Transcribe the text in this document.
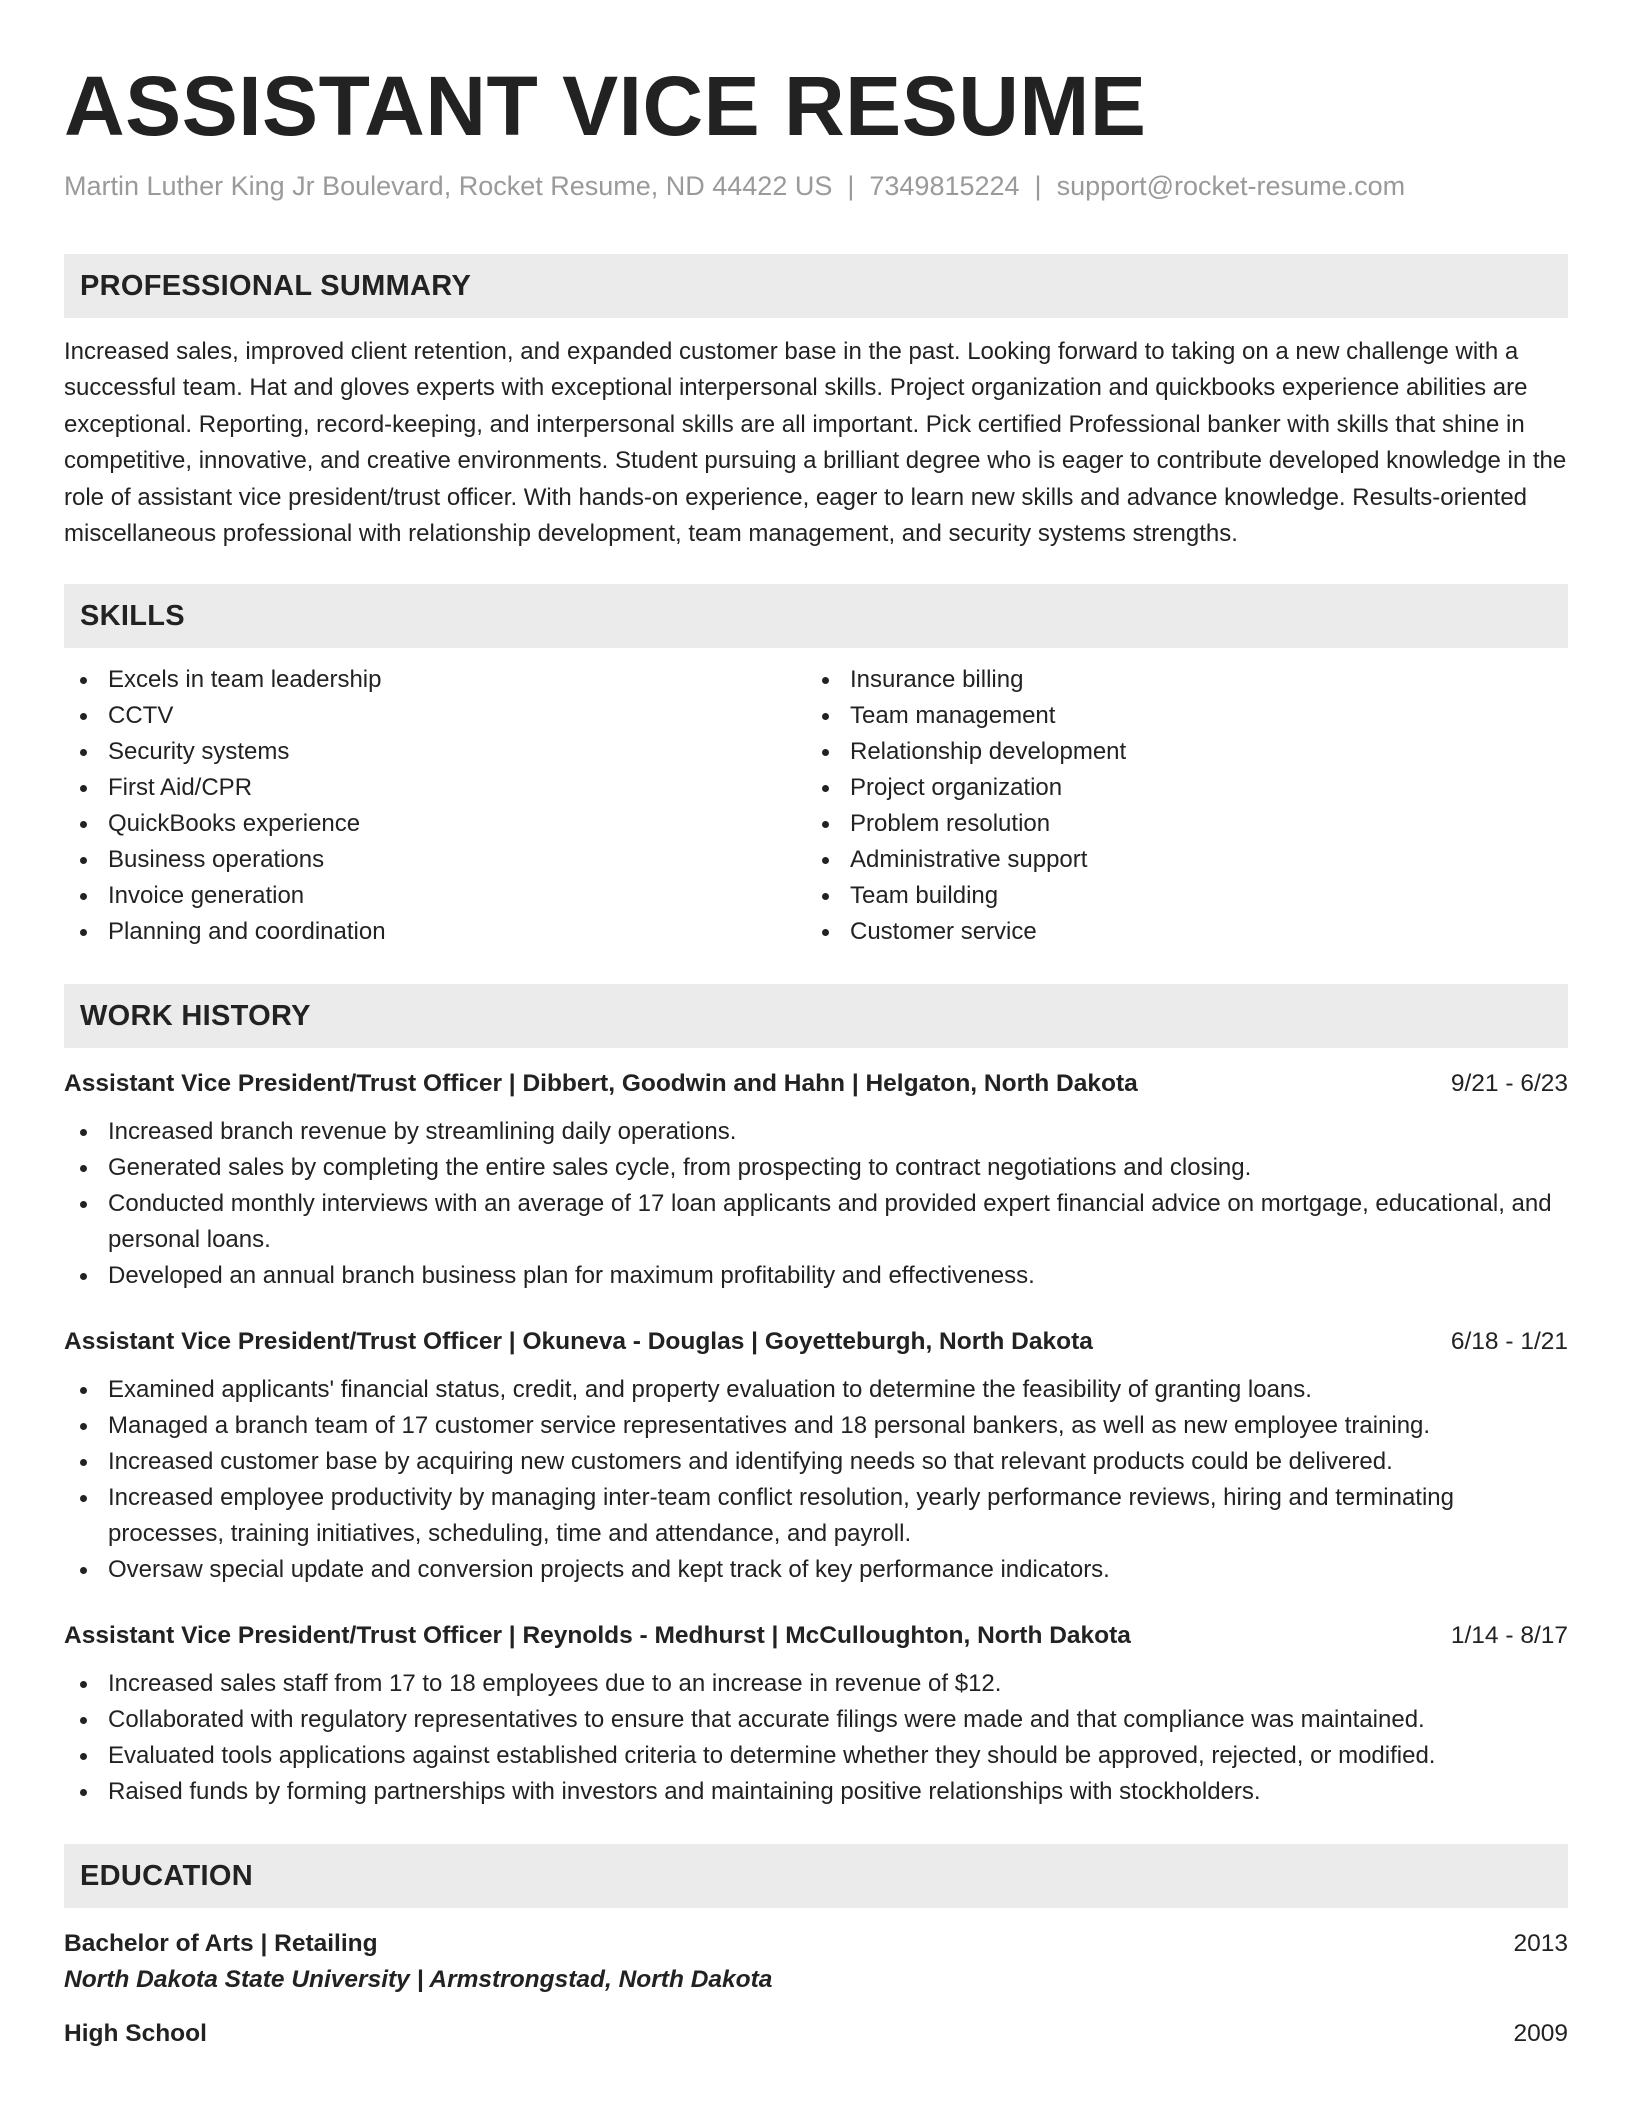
ASSISTANT VICE RESUME
Martin Luther King Jr Boulevard, Rocket Resume, ND 44422 US | 7349815224 | support@rocket-resume.com
PROFESSIONAL SUMMARY
Increased sales, improved client retention, and expanded customer base in the past. Looking forward to taking on a new challenge with a successful team. Hat and gloves experts with exceptional interpersonal skills. Project organization and quickbooks experience abilities are exceptional. Reporting, record-keeping, and interpersonal skills are all important. Pick certified Professional banker with skills that shine in competitive, innovative, and creative environments. Student pursuing a brilliant degree who is eager to contribute developed knowledge in the role of assistant vice president/trust officer. With hands-on experience, eager to learn new skills and advance knowledge. Results-oriented miscellaneous professional with relationship development, team management, and security systems strengths.
SKILLS
Excels in team leadership
CCTV
Security systems
First Aid/CPR
QuickBooks experience
Business operations
Invoice generation
Planning and coordination
Insurance billing
Team management
Relationship development
Project organization
Problem resolution
Administrative support
Team building
Customer service
WORK HISTORY
Assistant Vice President/Trust Officer | Dibbert, Goodwin and Hahn | Helgaton, North Dakota	9/21 - 6/23
Increased branch revenue by streamlining daily operations.
Generated sales by completing the entire sales cycle, from prospecting to contract negotiations and closing.
Conducted monthly interviews with an average of 17 loan applicants and provided expert financial advice on mortgage, educational, and personal loans.
Developed an annual branch business plan for maximum profitability and effectiveness.
Assistant Vice President/Trust Officer | Okuneva - Douglas | Goyetteburgh, North Dakota	6/18 - 1/21
Examined applicants' financial status, credit, and property evaluation to determine the feasibility of granting loans.
Managed a branch team of 17 customer service representatives and 18 personal bankers, as well as new employee training.
Increased customer base by acquiring new customers and identifying needs so that relevant products could be delivered.
Increased employee productivity by managing inter-team conflict resolution, yearly performance reviews, hiring and terminating processes, training initiatives, scheduling, time and attendance, and payroll.
Oversaw special update and conversion projects and kept track of key performance indicators.
Assistant Vice President/Trust Officer | Reynolds - Medhurst | McCulloughton, North Dakota	1/14 - 8/17
Increased sales staff from 17 to 18 employees due to an increase in revenue of $12.
Collaborated with regulatory representatives to ensure that accurate filings were made and that compliance was maintained.
Evaluated tools applications against established criteria to determine whether they should be approved, rejected, or modified.
Raised funds by forming partnerships with investors and maintaining positive relationships with stockholders.
EDUCATION
Bachelor of Arts | Retailing	2013
North Dakota State University | Armstrongstad, North Dakota
High School	2009
